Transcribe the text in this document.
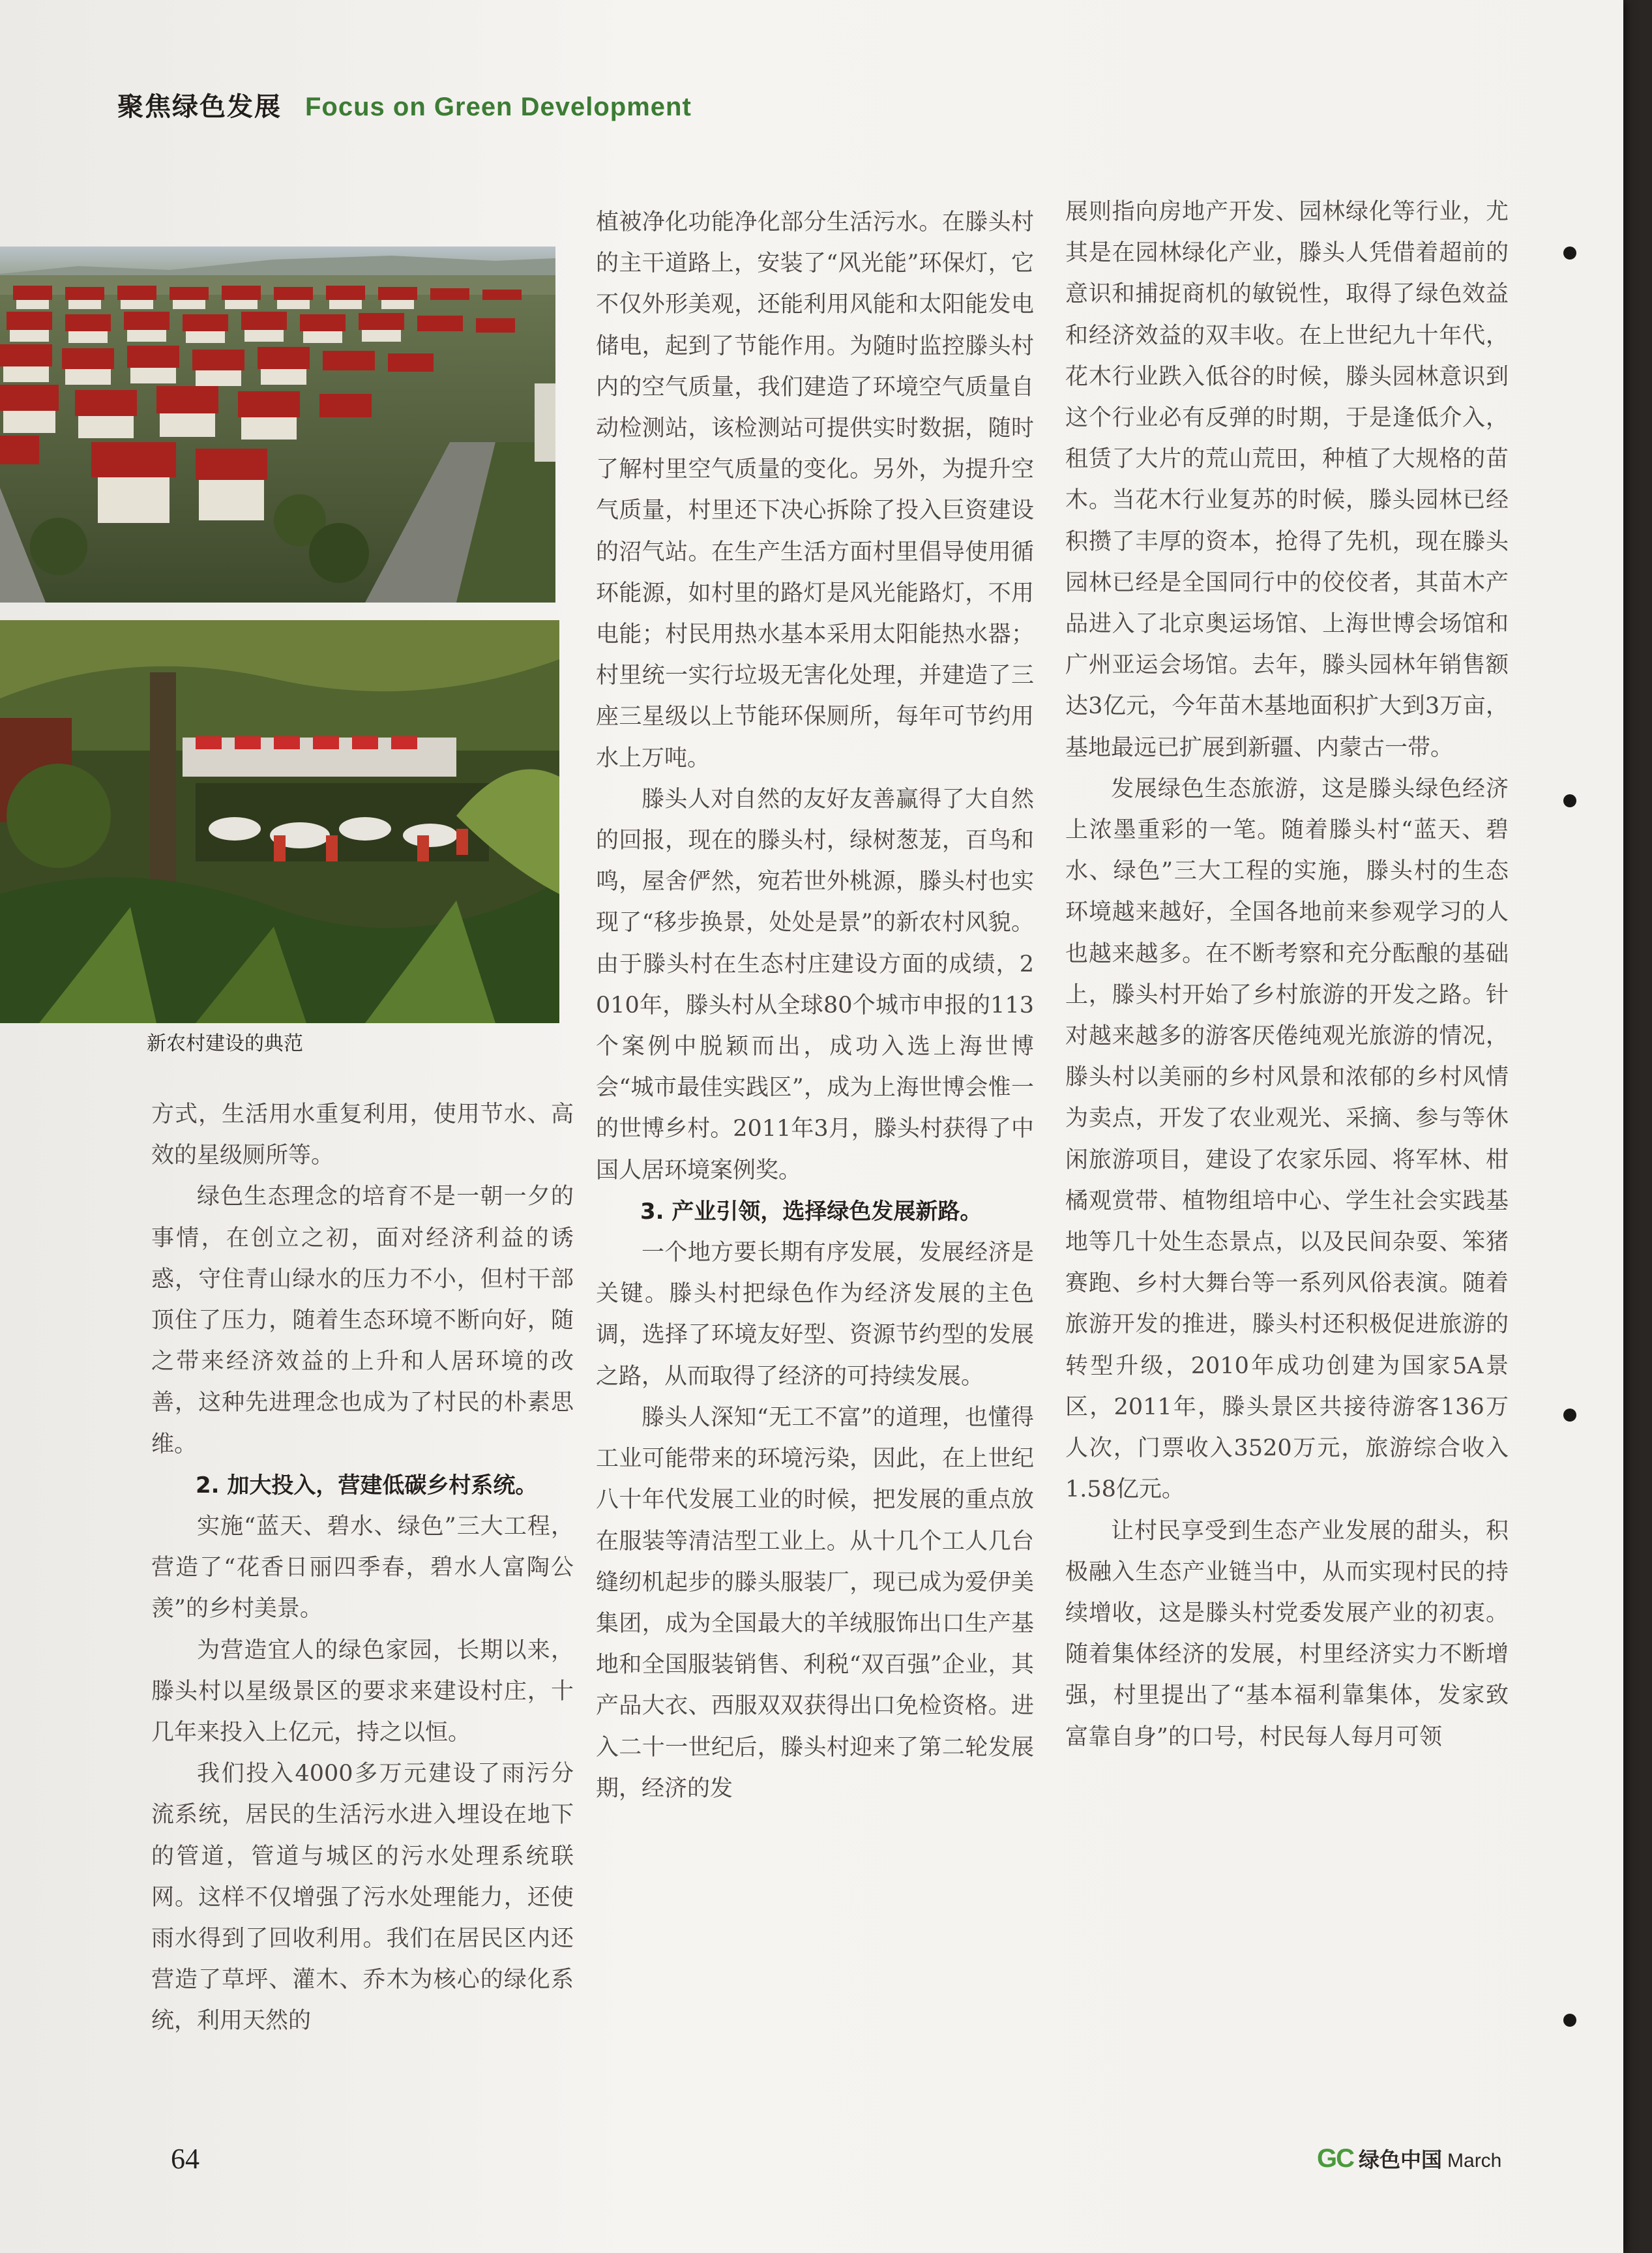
聚焦绿色发展 Focus on Green Development
新农村建设的典范

方式，生活用水重复利用，使用节水、高效的星级厕所等。

绿色生态理念的培育不是一朝一夕的事情，在创立之初，面对经济利益的诱惑，守住青山绿水的压力不小，但村干部顶住了压力，随着生态环境不断向好，随之带来经济效益的上升和人居环境的改善，这种先进理念也成为了村民的朴素思维。

2. 加大投入，营建低碳乡村系统。

实施“蓝天、碧水、绿色”三大工程，营造了“花香日丽四季春，碧水人富陶公羡”的乡村美景。

为营造宜人的绿色家园，长期以来，滕头村以星级景区的要求来建设村庄，十几年来投入上亿元，持之以恒。

我们投入4000多万元建设了雨污分流系统，居民的生活污水进入埋设在地下的管道，管道与城区的污水处理系统联网。这样不仅增强了污水处理能力，还使雨水得到了回收利用。我们在居民区内还营造了草坪、灌木、乔木为核心的绿化系统，利用天然的

植被净化功能净化部分生活污水。在滕头村的主干道路上，安装了“风光能”环保灯，它不仅外形美观，还能利用风能和太阳能发电储电，起到了节能作用。为随时监控滕头村内的空气质量，我们建造了环境空气质量自动检测站，该检测站可提供实时数据，随时了解村里空气质量的变化。另外，为提升空气质量，村里还下决心拆除了投入巨资建设的沼气站。在生产生活方面村里倡导使用循环能源，如村里的路灯是风光能路灯，不用电能；村民用热水基本采用太阳能热水器；村里统一实行垃圾无害化处理，并建造了三座三星级以上节能环保厕所，每年可节约用水上万吨。

滕头人对自然的友好友善赢得了大自然的回报，现在的滕头村，绿树葱茏，百鸟和鸣，屋舍俨然，宛若世外桃源，滕头村也实现了“移步换景，处处是景”的新农村风貌。由于滕头村在生态村庄建设方面的成绩，2010年，滕头村从全球80个城市申报的113个案例中脱颖而出，成功入选上海世博会“城市最佳实践区”，成为上海世博会惟一的世博乡村。2011年3月，滕头村获得了中国人居环境案例奖。

3. 产业引领，选择绿色发展新路。

一个地方要长期有序发展，发展经济是关键。滕头村把绿色作为经济发展的主色调，选择了环境友好型、资源节约型的发展之路，从而取得了经济的可持续发展。

滕头人深知“无工不富”的道理，也懂得工业可能带来的环境污染，因此，在上世纪八十年代发展工业的时候，把发展的重点放在服装等清洁型工业上。从十几个工人几台缝纫机起步的滕头服装厂，现已成为爱伊美集团，成为全国最大的羊绒服饰出口生产基地和全国服装销售、利税“双百强”企业，其产品大衣、西服双双获得出口免检资格。进入二十一世纪后，滕头村迎来了第二轮发展期，经济的发

展则指向房地产开发、园林绿化等行业，尤其是在园林绿化产业，滕头人凭借着超前的意识和捕捉商机的敏锐性，取得了绿色效益和经济效益的双丰收。在上世纪九十年代，花木行业跌入低谷的时候，滕头园林意识到这个行业必有反弹的时期，于是逢低介入，租赁了大片的荒山荒田，种植了大规格的苗木。当花木行业复苏的时候，滕头园林已经积攒了丰厚的资本，抢得了先机，现在滕头园林已经是全国同行中的佼佼者，其苗木产品进入了北京奥运场馆、上海世博会场馆和广州亚运会场馆。去年，滕头园林年销售额达3亿元，今年苗木基地面积扩大到3万亩，基地最远已扩展到新疆、内蒙古一带。

发展绿色生态旅游，这是滕头绿色经济上浓墨重彩的一笔。随着滕头村“蓝天、碧水、绿色”三大工程的实施，滕头村的生态环境越来越好，全国各地前来参观学习的人也越来越多。在不断考察和充分酝酿的基础上，滕头村开始了乡村旅游的开发之路。针对越来越多的游客厌倦纯观光旅游的情况，滕头村以美丽的乡村风景和浓郁的乡村风情为卖点，开发了农业观光、采摘、参与等休闲旅游项目，建设了农家乐园、将军林、柑橘观赏带、植物组培中心、学生社会实践基地等几十处生态景点，以及民间杂耍、笨猪赛跑、乡村大舞台等一系列风俗表演。随着旅游开发的推进，滕头村还积极促进旅游的转型升级，2010年成功创建为国家5A景区，2011年，滕头景区共接待游客136万人次，门票收入3520万元，旅游综合收入1.58亿元。

让村民享受到生态产业发展的甜头，积极融入生态产业链当中，从而实现村民的持续增收，这是滕头村党委发展产业的初衷。随着集体经济的发展，村里经济实力不断增强，村里提出了“基本福利靠集体，发家致富靠自身”的口号，村民每人每月可领

64	GC 绿色中国 March
